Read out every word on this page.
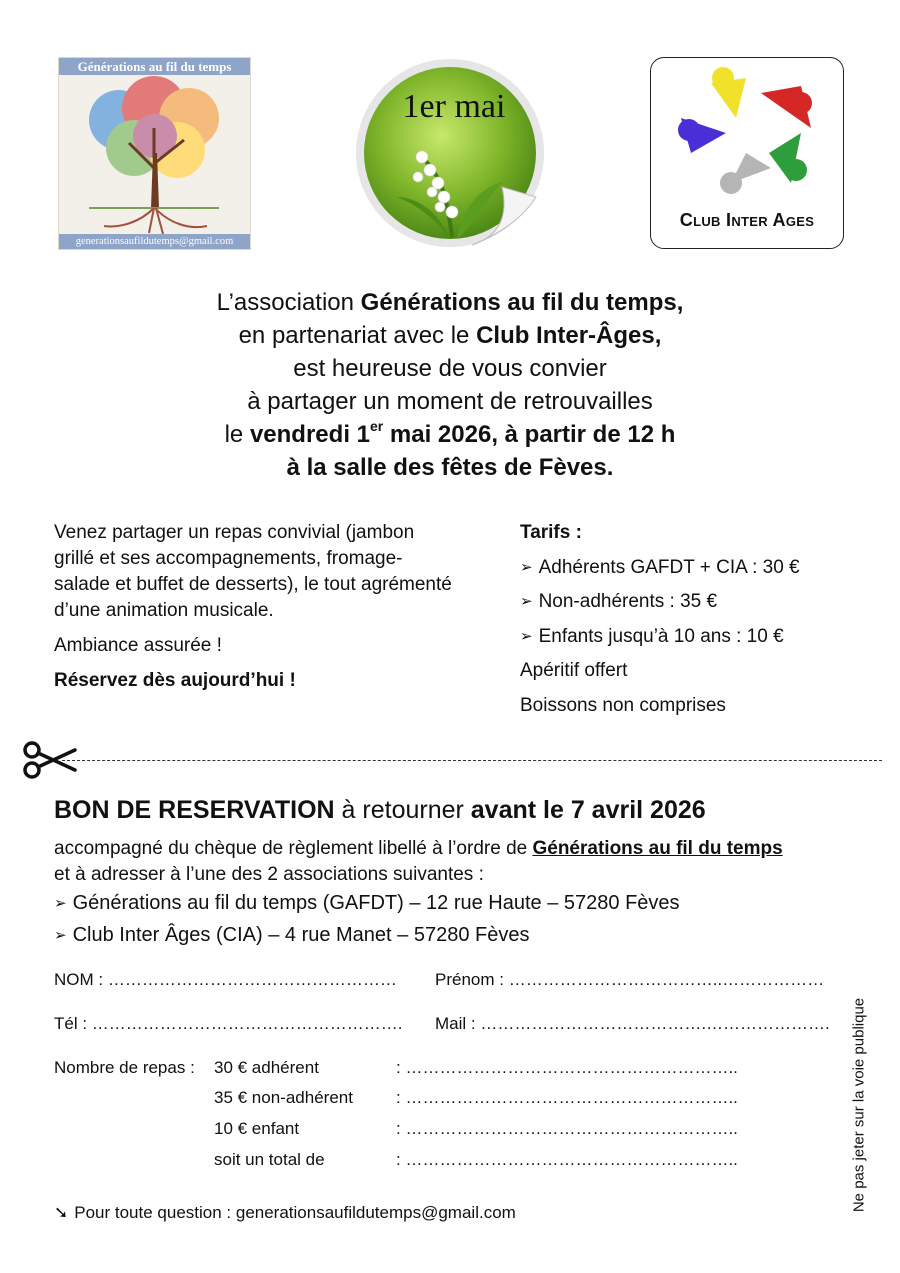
Générations au fil du temps
generationsaufildutemps@gmail.com
1er mai
Club Inter Ages
L’association Générations au fil du temps,
en partenariat avec le Club Inter-Âges,
est heureuse de vous convier
à partager un moment de retrouvailles
le vendredi 1er mai 2026, à partir de 12 h
à la salle des fêtes de Fèves.

Venez partager un repas convivial (jambon grillé et ses accompagnements, fromage-salade et buffet de desserts), le tout agrémenté d’une animation musicale.

Ambiance assurée !

Réservez dès aujourd’hui !

Tarifs :
➢ Adhérents GAFDT + CIA : 30 €
➢ Non-adhérents : 35 €
➢ Enfants jusqu’à 10 ans : 10 €
Apéritif offert
Boissons non comprises
BON DE RESERVATION à retourner avant le 7 avril 2026
accompagné du chèque de règlement libellé à l’ordre de Générations au fil du temps
et à adresser à l’une des 2 associations suivantes :
➢ Générations au fil du temps (GAFDT) – 12 rue Haute – 57280 Fèves
➢ Club Inter Âges (CIA) – 4 rue Manet – 57280 Fèves
NOM : …………………………………………… Prénom : ………………………………..………………
Tél : ………………………………………………. Mail : ………………………………….………………….
Nombre de repas : 30 € adhérent	: …………………………………………………..
35 € non-adhérent	: …………………………………………………..
10 € enfant	: …………………………………………………..
soit un total de	: …………………………………………………..
➘ Pour toute question : generationsaufildutemps@gmail.com
Ne pas jeter sur la voie publique
